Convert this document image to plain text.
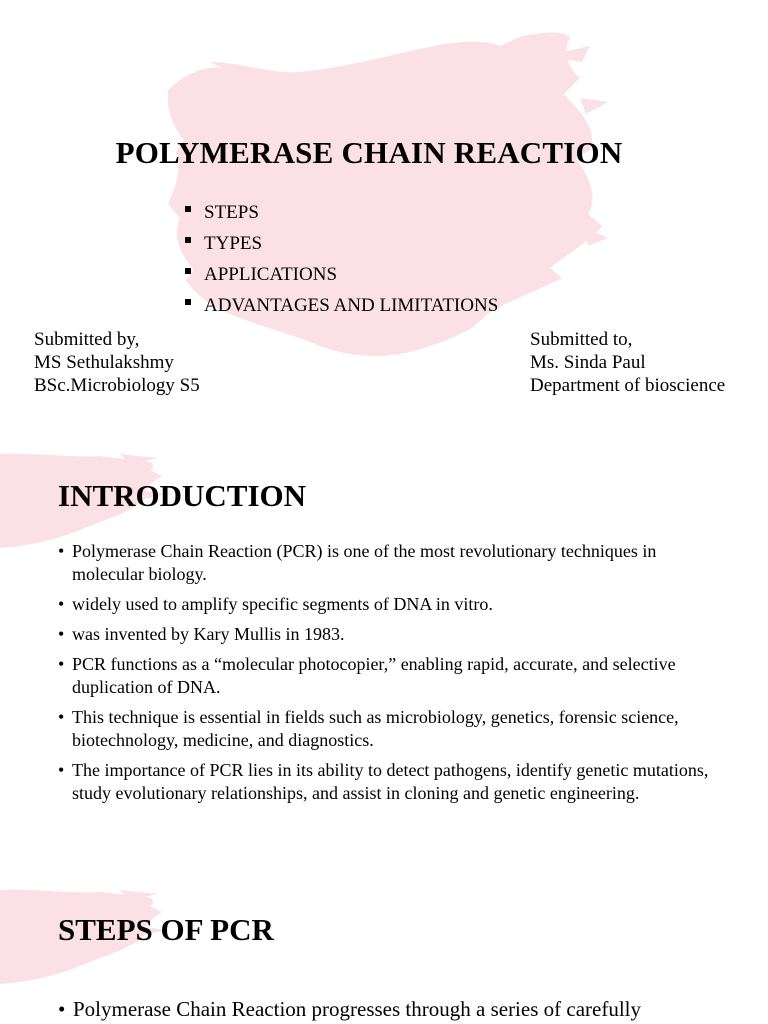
POLYMERASE CHAIN REACTION
STEPS
TYPES
APPLICATIONS
ADVANTAGES AND LIMITATIONS
Submitted by,
MS Sethulakshmy
BSc.Microbiology S5
Submitted to,
Ms. Sinda Paul
Department of bioscience
INTRODUCTION
• Polymerase Chain Reaction (PCR) is one of the most revolutionary techniques in molecular biology.
• widely used to amplify specific segments of DNA in vitro.
• was invented by Kary Mullis in 1983.
• PCR functions as a “molecular photocopier,” enabling rapid, accurate, and selective duplication of DNA.
• This technique is essential in fields such as microbiology, genetics, forensic science, biotechnology, medicine, and diagnostics.
• The importance of PCR lies in its ability to detect pathogens, identify genetic mutations, study evolutionary relationships, and assist in cloning and genetic engineering.
STEPS OF PCR
• Polymerase Chain Reaction progresses through a series of carefully
